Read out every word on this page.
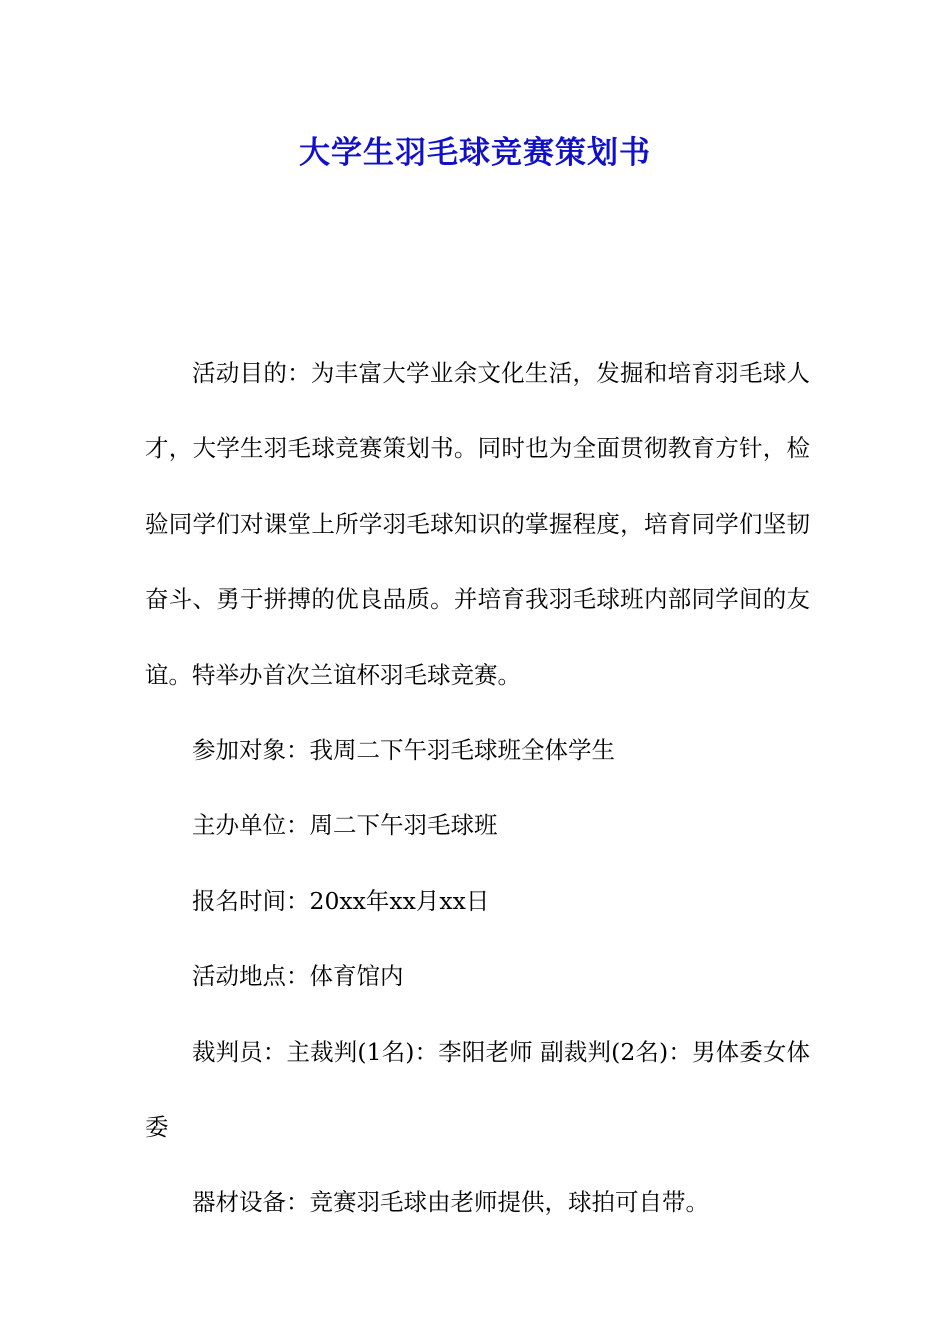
大学生羽毛球竞赛策划书

活动目的：为丰富大学业余文化生活，发掘和培育羽毛球人才，大学生羽毛球竞赛策划书。同时也为全面贯彻教育方针，检验同学们对课堂上所学羽毛球知识的掌握程度，培育同学们坚韧奋斗、勇于拼搏的优良品质。并培育我羽毛球班内部同学间的友谊。特举办首次兰谊杯羽毛球竞赛。

参加对象：我周二下午羽毛球班全体学生

主办单位：周二下午羽毛球班

报名时间：20xx年xx月xx日

活动地点：体育馆内

裁判员：主裁判(1名)：李阳老师 副裁判(2名)：男体委女体委

器材设备：竞赛羽毛球由老师提供，球拍可自带。
